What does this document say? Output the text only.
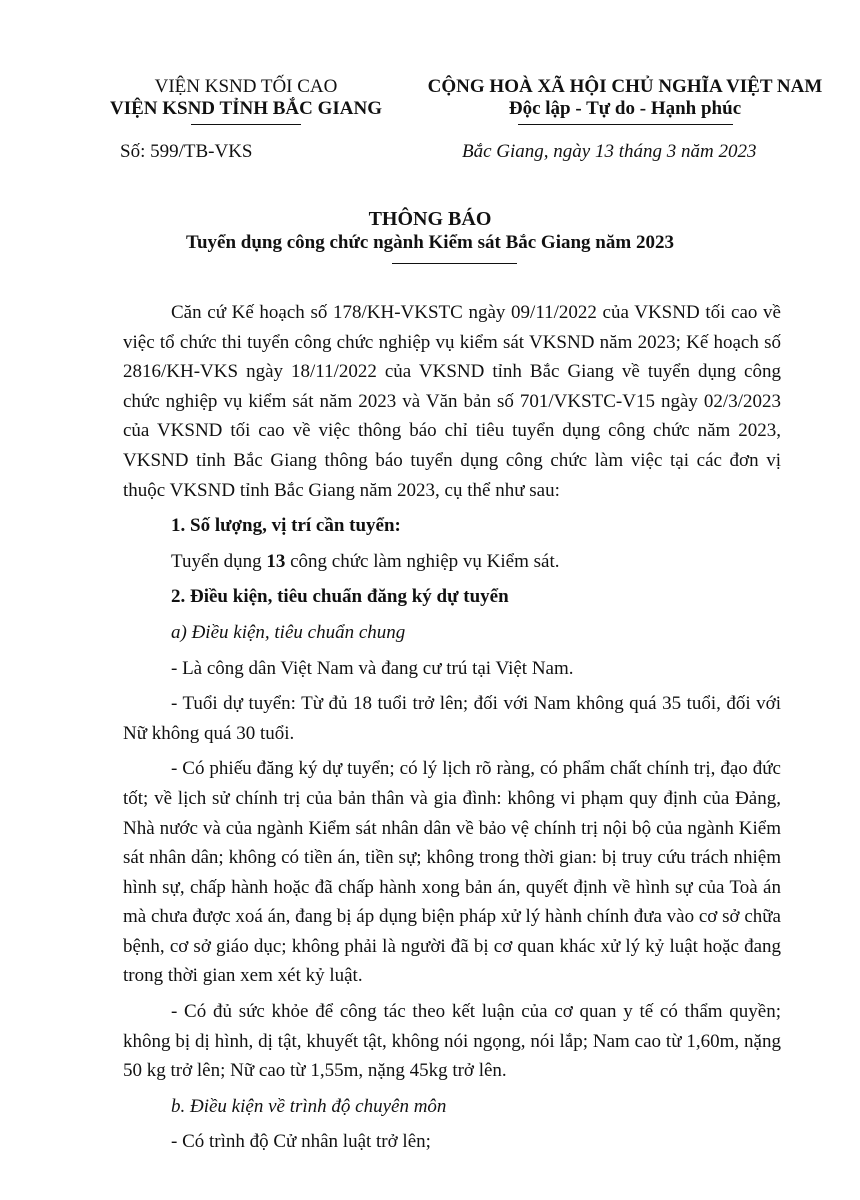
VIỆN KSND TỐI CAO
VIỆN KSND TỈNH BẮC GIANG
CỘNG HOÀ XÃ HỘI CHỦ NGHĨA VIỆT NAM
Độc lập - Tự do - Hạnh phúc
Số: 599/TB-VKS	Bắc Giang, ngày 13 tháng 3 năm 2023
THÔNG BÁO
Tuyển dụng công chức ngành Kiểm sát Bắc Giang năm 2023

Căn cứ Kế hoạch số 178/KH-VKSTC ngày 09/11/2022 của VKSND tối cao về việc tổ chức thi tuyển công chức nghiệp vụ kiểm sát VKSND năm 2023; Kế hoạch số 2816/KH-VKS ngày 18/11/2022 của VKSND tỉnh Bắc Giang về tuyển dụng công chức nghiệp vụ kiểm sát năm 2023 và Văn bản số 701/VKSTC-V15 ngày 02/3/2023 của VKSND tối cao về việc thông báo chỉ tiêu tuyển dụng công chức năm 2023, VKSND tỉnh Bắc Giang thông báo tuyển dụng công chức làm việc tại các đơn vị thuộc VKSND tỉnh Bắc Giang năm 2023, cụ thể như sau:

1. Số lượng, vị trí cần tuyển:

Tuyển dụng 13 công chức làm nghiệp vụ Kiểm sát.

2. Điều kiện, tiêu chuẩn đăng ký dự tuyển

a) Điều kiện, tiêu chuẩn chung

- Là công dân Việt Nam và đang cư trú tại Việt Nam.

- Tuổi dự tuyển: Từ đủ 18 tuổi trở lên; đối với Nam không quá 35 tuổi, đối với Nữ không quá 30 tuổi.

- Có phiếu đăng ký dự tuyển; có lý lịch rõ ràng, có phẩm chất chính trị, đạo đức tốt; về lịch sử chính trị của bản thân và gia đình: không vi phạm quy định của Đảng, Nhà nước và của ngành Kiểm sát nhân dân về bảo vệ chính trị nội bộ của ngành Kiểm sát nhân dân; không có tiền án, tiền sự; không trong thời gian: bị truy cứu trách nhiệm hình sự, chấp hành hoặc đã chấp hành xong bản án, quyết định về hình sự của Toà án mà chưa được xoá án, đang bị áp dụng biện pháp xử lý hành chính đưa vào cơ sở chữa bệnh, cơ sở giáo dục; không phải là người đã bị cơ quan khác xử lý kỷ luật hoặc đang trong thời gian xem xét kỷ luật.

- Có đủ sức khỏe để công tác theo kết luận của cơ quan y tế có thẩm quyền; không bị dị hình, dị tật, khuyết tật, không nói ngọng, nói lắp; Nam cao từ 1,60m, nặng 50 kg trở lên; Nữ cao từ 1,55m, nặng 45kg trở lên.

b. Điều kiện về trình độ chuyên môn

- Có trình độ Cử nhân luật trở lên;
